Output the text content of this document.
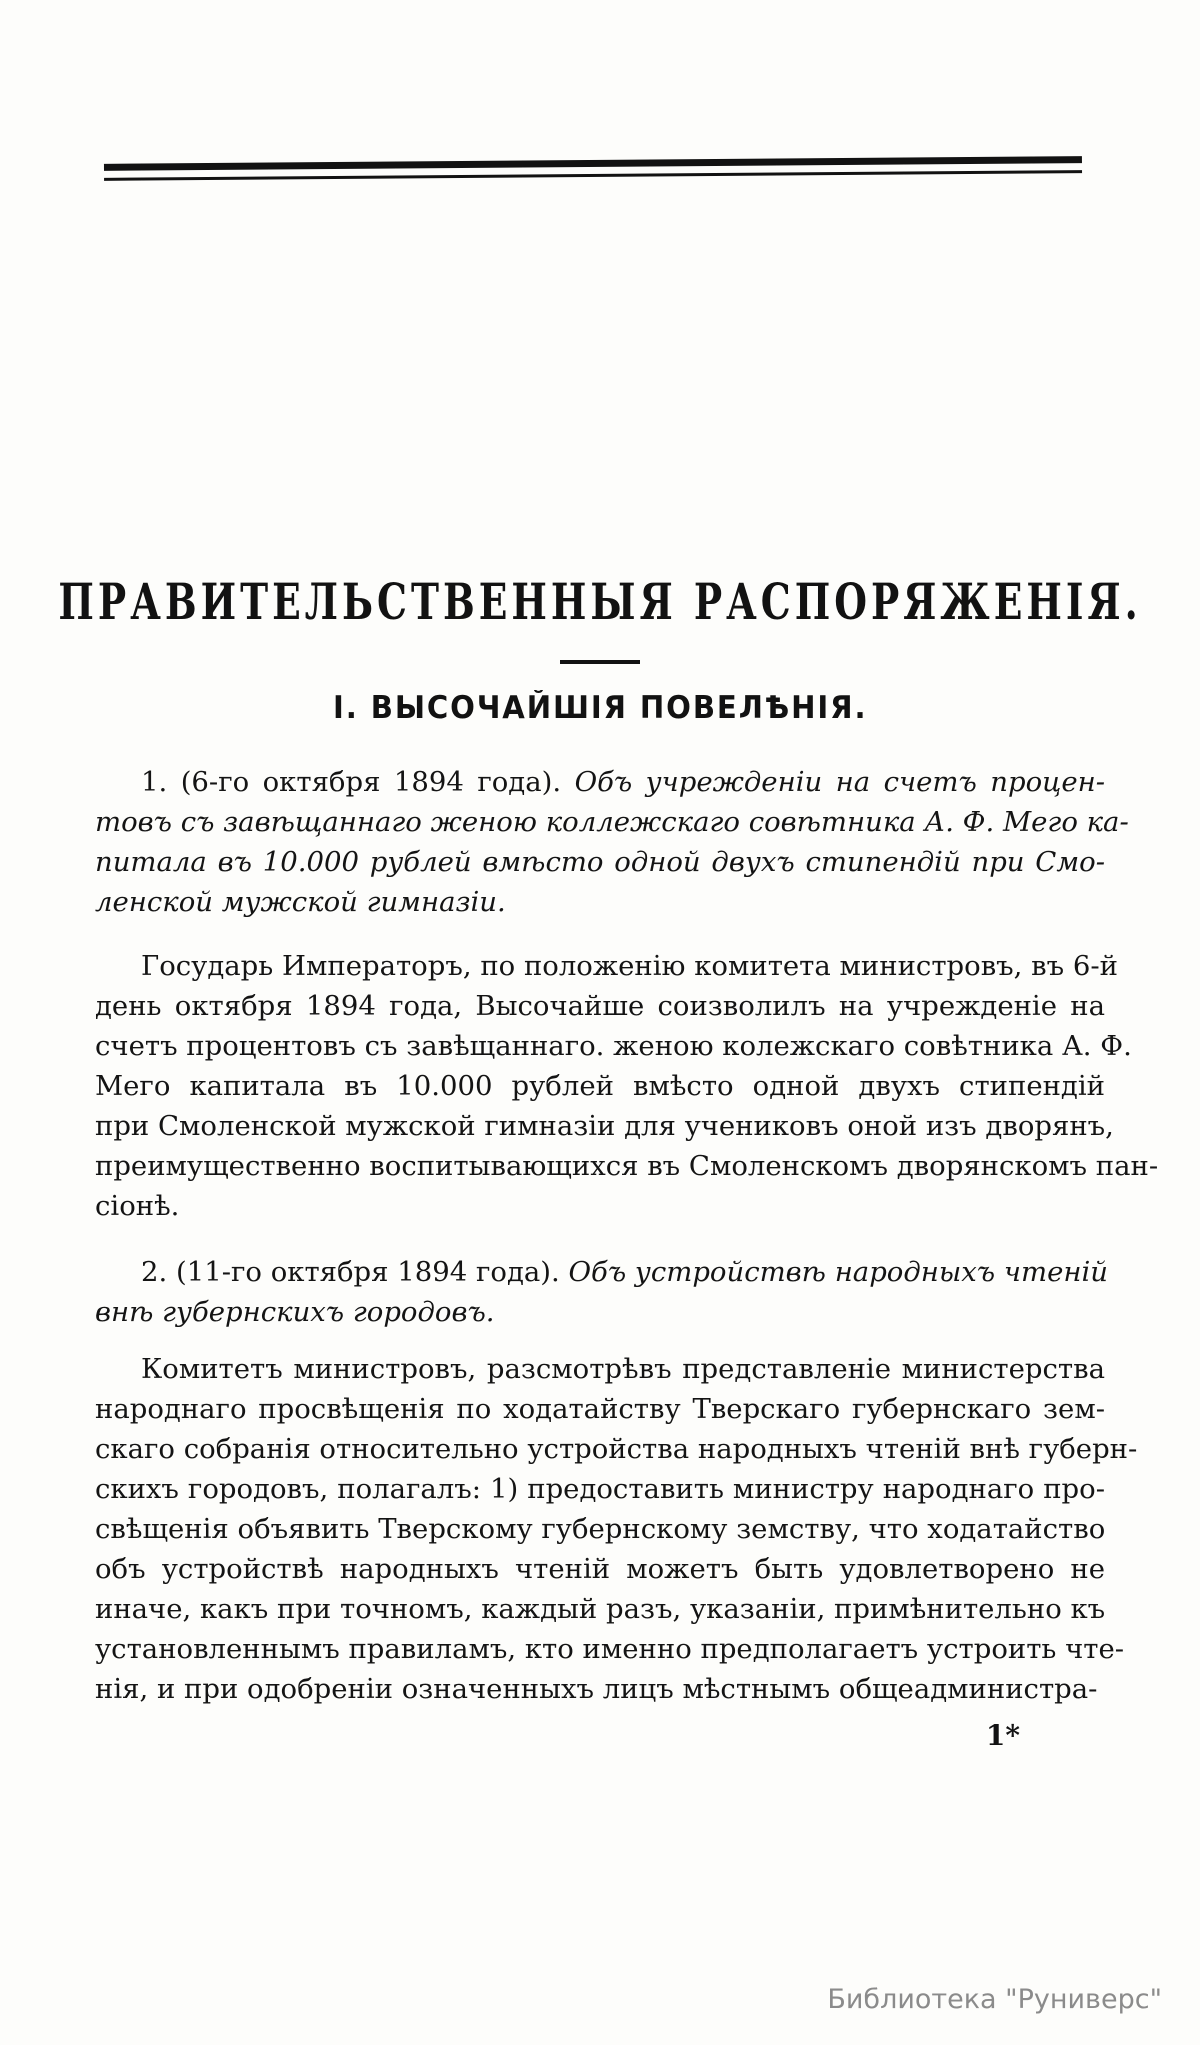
ПРАВИТЕЛЬСТВЕННЫЯ РАСПОРЯЖЕНІЯ.
I. ВЫСОЧАЙШІЯ ПОВЕЛѢНІЯ.
1. (6-го октября 1894 года). Объ учрежденіи на счетъ процен-
товъ съ завѣщаннаго женою коллежскаго совѣтника А. Ф. Мего ка-
питала въ 10.000 рублей вмѣсто одной двухъ стипендій при Смо-
ленской мужской гимназіи.
Государь Императоръ, по положенію комитета министровъ, въ 6-й
день октября 1894 года, Высочайше соизволилъ на учрежденіе на
счетъ процентовъ съ завѣщаннаго. женою колежскаго совѣтника А. Ф.
Мего капитала въ 10.000 рублей вмѣсто одной двухъ стипендій
при Смоленской мужской гимназіи для учениковъ оной изъ дворянъ,
преимущественно воспитывающихся въ Смоленскомъ дворянскомъ пан-
сіонѣ.
2. (11-го октября 1894 года). Объ устройствѣ народныхъ чтеній
внѣ губернскихъ городовъ.
Комитетъ министровъ, разсмотрѣвъ представленіе министерства
народнаго просвѣщенія по ходатайству Тверскаго губернскаго зем-
скаго собранія относительно устройства народныхъ чтеній внѣ губерн-
скихъ городовъ, полагалъ: 1) предоставить министру народнаго про-
свѣщенія объявить Тверскому губернскому земству, что ходатайство
объ устройствѣ народныхъ чтеній можетъ быть удовлетворено не
иначе, какъ при точномъ, каждый разъ, указаніи, примѣнительно къ
установленнымъ правиламъ, кто именно предполагаетъ устроить чте-
нія, и при одобреніи означенныхъ лицъ мѣстнымъ общеадминистра-
1*
Библиотека "Руниверс"
